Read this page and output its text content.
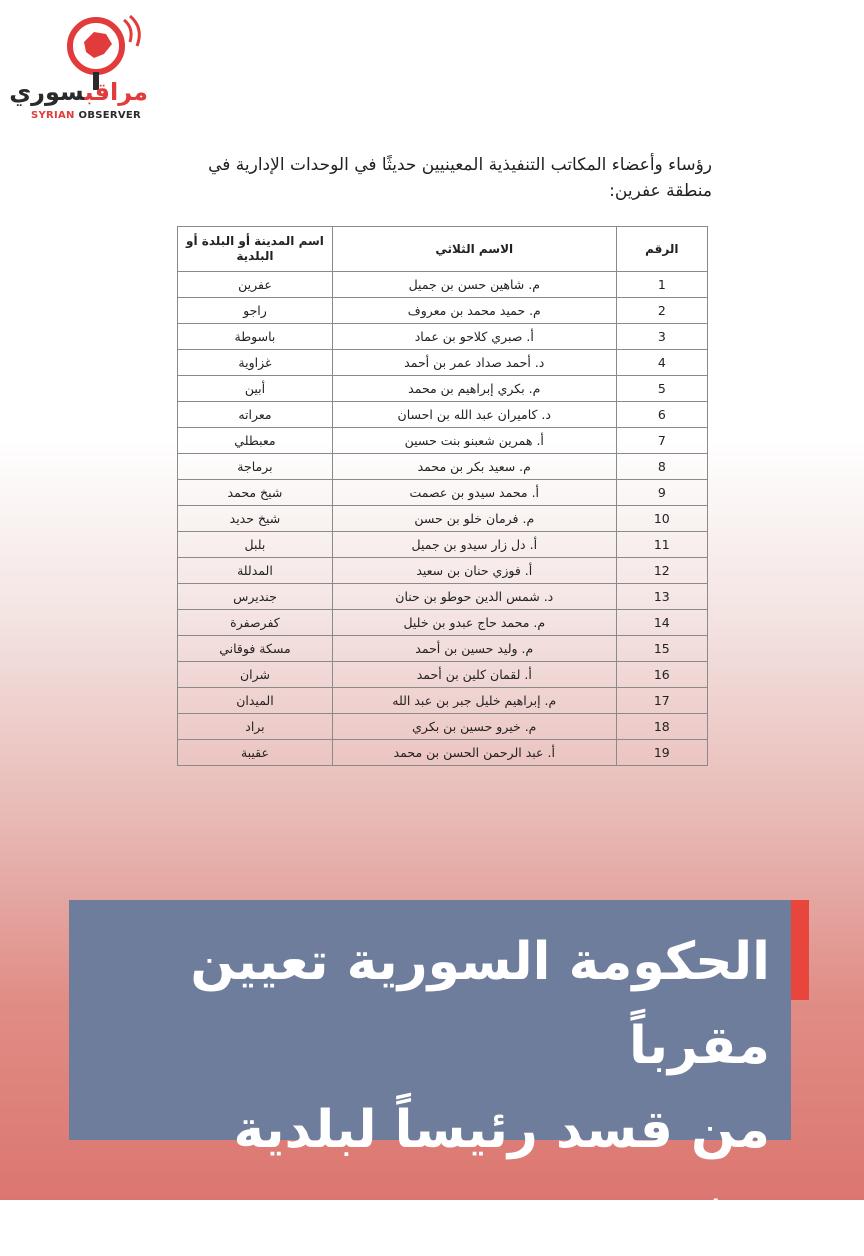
مراقبسوري
SYRIAN OBSERVER
رؤساء وأعضاء المكاتب التنفيذية المعينيين حديثًا في الوحدات الإدارية في منطقة عفرين:
الرقم	الاسم الثلاثي	اسم المدينة أو البلدة أو البلدية
1	م. شاهين حسن بن جميل	عفرين
2	م. حميد محمد بن معروف	راجو
3	أ. صبري كلاحو بن عماد	باسوطة
4	د. أحمد صداد عمر بن أحمد	غزاوية
5	م. بكري إبراهيم بن محمد	أبين
6	د. كاميران عبد الله بن احسان	معراته
7	أ. همرين شعبنو بنت حسين	معبطلي
8	م. سعيد بكر بن محمد	برماجة
9	أ. محمد سيدو بن عصمت	شيخ محمد
10	م. فرمان خلو بن حسن	شيخ حديد
11	أ. دل زار سيدو بن جميل	بلبل
12	أ. فوزي حنان بن سعيد	المدللة
13	د. شمس الدين حوطو بن حنان	جنديرس
14	م. محمد حاج عبدو بن خليل	كفرصفرة
15	م. وليد حسين بن أحمد	مسكة فوقاني
16	أ. لقمان كلين بن أحمد	شران
17	م. إبراهيم خليل جبر بن عبد الله	الميدان
18	م. خيرو حسين بن بكري	براد
19	أ. عبد الرحمن الحسن بن محمد	عقيبة
الحكومة السورية تعيين مقرباً
من قسد رئيساً لبلدية عفرين
